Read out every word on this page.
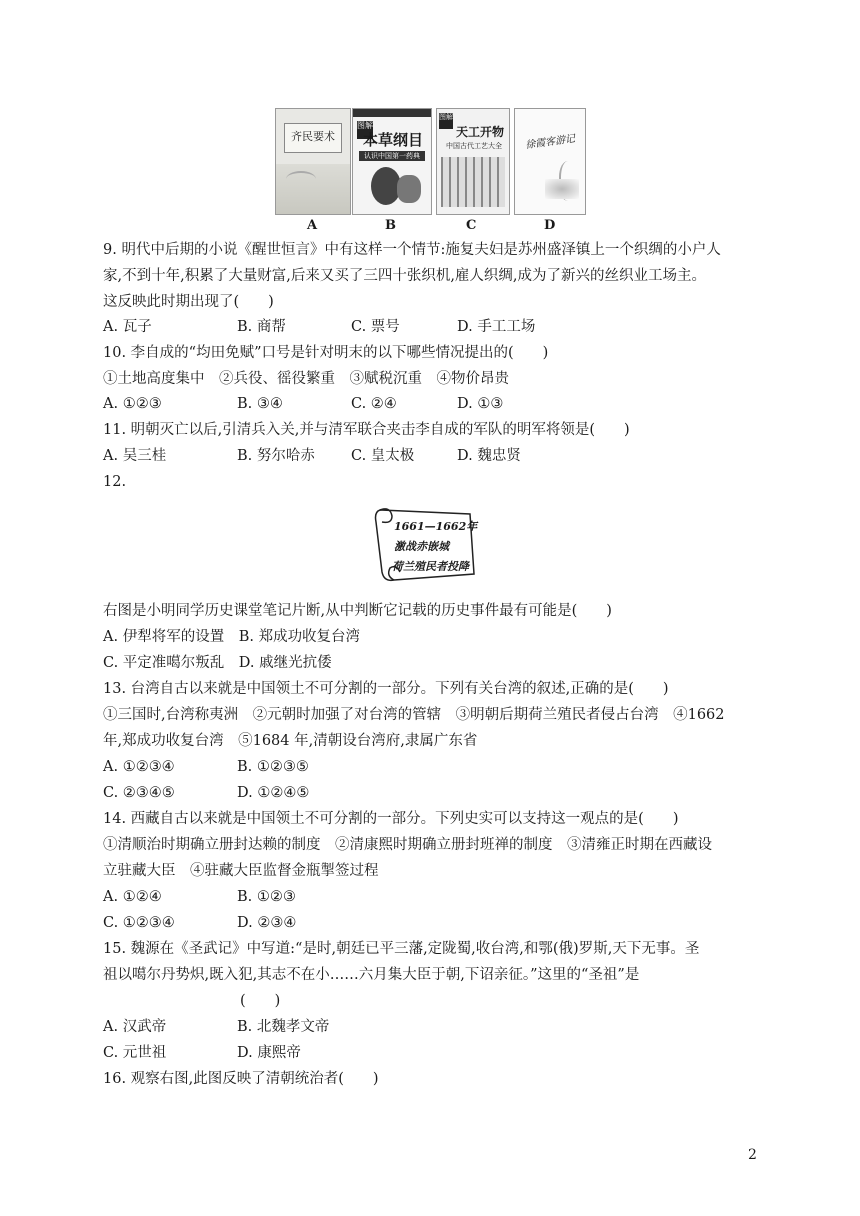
齐民要术
图解
本草纲目
认识中国第一药典
图解
天工开物
中国古代工艺大全	徐霞客游记
A	B	C	D
9. 明代中后期的小说《醒世恒言》中有这样一个情节:施复夫妇是苏州盛泽镇上一个织绸的小户人
家,不到十年,积累了大量财富,后来又买了三四十张织机,雇人织绸,成为了新兴的丝织业工场主。
这反映此时期出现了(　　)
A. 瓦子	B. 商帮	C. 票号	D. 手工工场
10. 李自成的“均田免赋”口号是针对明末的以下哪些情况提出的(　　)
①土地高度集中　②兵役、徭役繁重　③赋税沉重　④物价昂贵
A. ①②③	B. ③④	C. ②④	D. ①③
11. 明朝灭亡以后,引清兵入关,并与清军联合夹击李自成的军队的明军将领是(　　)
A. 吴三桂	B. 努尔哈赤 C. 皇太极	D. 魏忠贤
12.
1661—1662年
激战赤嵌城
荷兰殖民者投降
右图是小明同学历史课堂笔记片断,从中判断它记载的历史事件最有可能是(　　)
A. 伊犁将军的设置　B. 郑成功收复台湾
C. 平定准噶尔叛乱　D. 戚继光抗倭
13. 台湾自古以来就是中国领土不可分割的一部分。下列有关台湾的叙述,正确的是(　　)
①三国时,台湾称夷洲　②元朝时加强了对台湾的管辖　③明朝后期荷兰殖民者侵占台湾　④1662
年,郑成功收复台湾　⑤1684 年,清朝设台湾府,隶属广东省
A. ①②③④	B. ①②③⑤
C. ②③④⑤	D. ①②④⑤
14. 西藏自古以来就是中国领土不可分割的一部分。下列史实可以支持这一观点的是(　　)
①清顺治时期确立册封达赖的制度　②清康熙时期确立册封班禅的制度　③清雍正时期在西藏设
立驻藏大臣　④驻藏大臣监督金瓶掣签过程
A. ①②④	B. ①②③
C. ①②③④	D. ②③④
15. 魏源在《圣武记》中写道:“是时,朝廷已平三藩,定陇蜀,收台湾,和鄂(俄)罗斯,天下无事。圣
祖以噶尔丹势炽,既入犯,其志不在小……六月集大臣于朝,下诏亲征。”这里的“圣祖”是
(　　)
A. 汉武帝	B. 北魏孝文帝
C. 元世祖	D. 康熙帝
16. 观察右图,此图反映了清朝统治者(　　)
2
